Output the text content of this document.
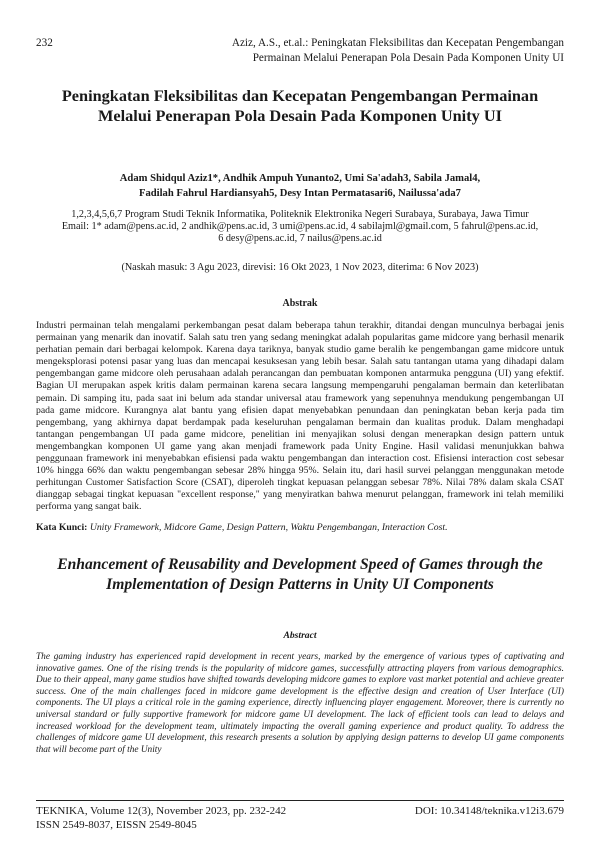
232	Aziz, A.S., et.al.: Peningkatan Fleksibilitas dan Kecepatan Pengembangan
Permainan Melalui Penerapan Pola Desain Pada Komponen Unity UI
Peningkatan Fleksibilitas dan Kecepatan Pengembangan Permainan Melalui Penerapan Pola Desain Pada Komponen Unity UI
Adam Shidqul Aziz1*, Andhik Ampuh Yunanto2, Umi Sa'adah3, Sabila Jamal4,
Fadilah Fahrul Hardiansyah5, Desy Intan Permatasari6, Nailussa'ada7
1,2,3,4,5,6,7 Program Studi Teknik Informatika, Politeknik Elektronika Negeri Surabaya, Surabaya, Jawa Timur
Email: 1* adam@pens.ac.id, 2 andhik@pens.ac.id, 3 umi@pens.ac.id, 4 sabilajml@gmail.com, 5 fahrul@pens.ac.id,
6 desy@pens.ac.id, 7 nailus@pens.ac.id
(Naskah masuk: 3 Agu 2023, direvisi: 16 Okt 2023, 1 Nov 2023, diterima: 6 Nov 2023)
Abstrak

Industri permainan telah mengalami perkembangan pesat dalam beberapa tahun terakhir, ditandai dengan munculnya berbagai jenis permainan yang menarik dan inovatif. Salah satu tren yang sedang meningkat adalah popularitas game midcore yang berhasil menarik perhatian pemain dari berbagai kelompok. Karena daya tariknya, banyak studio game beralih ke pengembangan game midcore untuk mengeksplorasi potensi pasar yang luas dan mencapai kesuksesan yang lebih besar. Salah satu tantangan utama yang dihadapi dalam pengembangan game midcore oleh perusahaan adalah perancangan dan pembuatan komponen antarmuka pengguna (UI) yang efektif. Bagian UI merupakan aspek kritis dalam permainan karena secara langsung mempengaruhi pengalaman bermain dan keterlibatan pemain. Di samping itu, pada saat ini belum ada standar universal atau framework yang sepenuhnya mendukung pengembangan UI pada game midcore. Kurangnya alat bantu yang efisien dapat menyebabkan penundaan dan peningkatan beban kerja pada tim pengembang, yang akhirnya dapat berdampak pada keseluruhan pengalaman bermain dan kualitas produk. Dalam menghadapi tantangan pengembangan UI pada game midcore, penelitian ini menyajikan solusi dengan menerapkan design pattern untuk mengembangkan komponen UI game yang akan menjadi framework pada Unity Engine. Hasil validasi menunjukkan bahwa penggunaan framework ini menyebabkan efisiensi pada waktu pengembangan dan interaction cost. Efisiensi interaction cost sebesar 10% hingga 66% dan waktu pengembangan sebesar 28% hingga 95%. Selain itu, dari hasil survei pelanggan menggunakan metode perhitungan Customer Satisfaction Score (CSAT), diperoleh tingkat kepuasan pelanggan sebesar 78%. Nilai 78% dalam skala CSAT dianggap sebagai tingkat kepuasan "excellent response," yang menyiratkan bahwa menurut pelanggan, framework ini telah memiliki performa yang sangat baik.

Kata Kunci: Unity Framework, Midcore Game, Design Pattern, Waktu Pengembangan, Interaction Cost.
Enhancement of Reusability and Development Speed of Games through the Implementation of Design Patterns in Unity UI Components
Abstract

The gaming industry has experienced rapid development in recent years, marked by the emergence of various types of captivating and innovative games. One of the rising trends is the popularity of midcore games, successfully attracting players from various demographics. Due to their appeal, many game studios have shifted towards developing midcore games to explore vast market potential and achieve greater success. One of the main challenges faced in midcore game development is the effective design and creation of User Interface (UI) components. The UI plays a critical role in the gaming experience, directly influencing player engagement. Moreover, there is currently no universal standard or fully supportive framework for midcore game UI development. The lack of efficient tools can lead to delays and increased workload for the development team, ultimately impacting the overall gaming experience and product quality. To address the challenges of midcore game UI development, this research presents a solution by applying design patterns to develop UI game components that will become part of the Unity

TEKNIKA, Volume 12(3), November 2023, pp. 232-242
ISSN 2549-8037, EISSN 2549-8045
DOI: 10.34148/teknika.v12i3.679
